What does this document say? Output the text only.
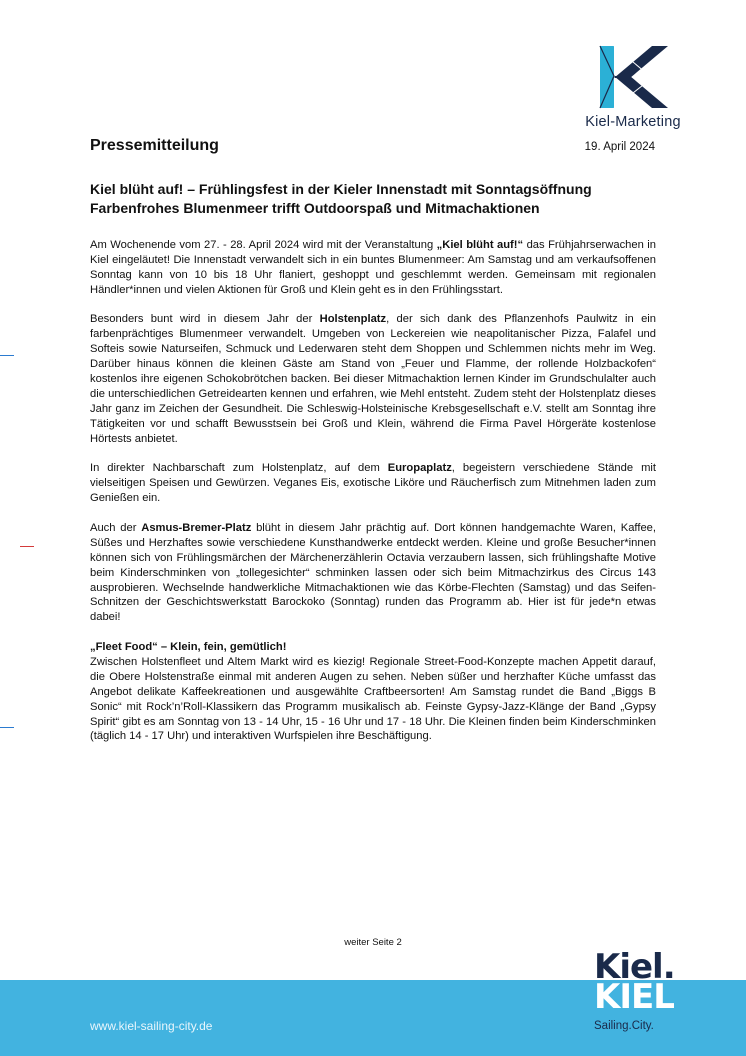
Kiel-Marketing
Pressemitteilung	19. April 2024
Kiel blüht auf! – Frühlingsfest in der Kieler Innenstadt mit Sonntagsöffnung
Farbenfrohes Blumenmeer trifft Outdoorspaß und Mitmachaktionen

Am Wochenende vom 27. - 28. April 2024 wird mit der Veranstaltung „Kiel blüht auf!“ das Frühjahrserwachen in Kiel eingeläutet! Die Innenstadt verwandelt sich in ein buntes Blumenmeer: Am Samstag und am verkaufsoffenen Sonntag kann von 10 bis 18 Uhr flaniert, geshoppt und geschlemmt werden. Gemeinsam mit regionalen Händler*innen und vielen Aktionen für Groß und Klein geht es in den Frühlingsstart.

Besonders bunt wird in diesem Jahr der Holstenplatz, der sich dank des Pflanzenhofs Paulwitz in ein farbenprächtiges Blumenmeer verwandelt. Umgeben von Leckereien wie neapolitanischer Pizza, Falafel und Softeis sowie Naturseifen, Schmuck und Lederwaren steht dem Shoppen und Schlemmen nichts mehr im Weg. Darüber hinaus können die kleinen Gäste am Stand von „Feuer und Flamme, der rollende Holzbackofen“ kostenlos ihre eigenen Schokobrötchen backen. Bei dieser Mitmachaktion lernen Kinder im Grundschulalter auch die unterschiedlichen Getreidearten kennen und erfahren, wie Mehl entsteht. Zudem steht der Holstenplatz dieses Jahr ganz im Zeichen der Gesundheit. Die Schleswig-Holsteinische Krebsgesellschaft e.V. stellt am Sonntag ihre Tätigkeiten vor und schafft Bewusstsein bei Groß und Klein, während die Firma Pavel Hörgeräte kostenlose Hörtests anbietet.

In direkter Nachbarschaft zum Holstenplatz, auf dem Europaplatz, begeistern verschiedene Stände mit vielseitigen Speisen und Gewürzen. Veganes Eis, exotische Liköre und Räucherfisch zum Mitnehmen laden zum Genießen ein.

Auch der Asmus-Bremer-Platz blüht in diesem Jahr prächtig auf. Dort können handgemachte Waren, Kaffee, Süßes und Herzhaftes sowie verschiedene Kunsthandwerke entdeckt werden. Kleine und große Besucher*innen können sich von Frühlingsmärchen der Märchenerzählerin Octavia verzaubern lassen, sich frühlingshafte Motive beim Kinderschminken von „tollegesichter“ schminken lassen oder sich beim Mitmachzirkus des Circus 143 ausprobieren. Wechselnde handwerkliche Mitmachaktionen wie das Körbe-Flechten (Samstag) und das Seifen-Schnitzen der Geschichtswerkstatt Barockoko (Sonntag) runden das Programm ab. Hier ist für jede*n etwas dabei!

„Fleet Food“ – Klein, fein, gemütlich!
Zwischen Holstenfleet und Altem Markt wird es kiezig! Regionale Street-Food-Konzepte machen Appetit darauf, die Obere Holstenstraße einmal mit anderen Augen zu sehen. Neben süßer und herzhafter Küche umfasst das Angebot delikate Kaffeekreationen und ausgewählte Craftbeersorten! Am Samstag rundet die Band „Biggs B Sonic“ mit Rock’n’Roll-Klassikern das Programm musikalisch ab. Feinste Gypsy-Jazz-Klänge der Band „Gypsy Spirit“ gibt es am Sonntag von 13 - 14 Uhr, 15 - 16 Uhr und 17 - 18 Uhr. Die Kleinen finden beim Kinderschminken (täglich 14 - 17 Uhr) und interaktiven Wurfspielen ihre Beschäftigung.

weiter Seite 2
www.kiel-sailing-city.de
Kiel.
KIEL
Sailing.City.
